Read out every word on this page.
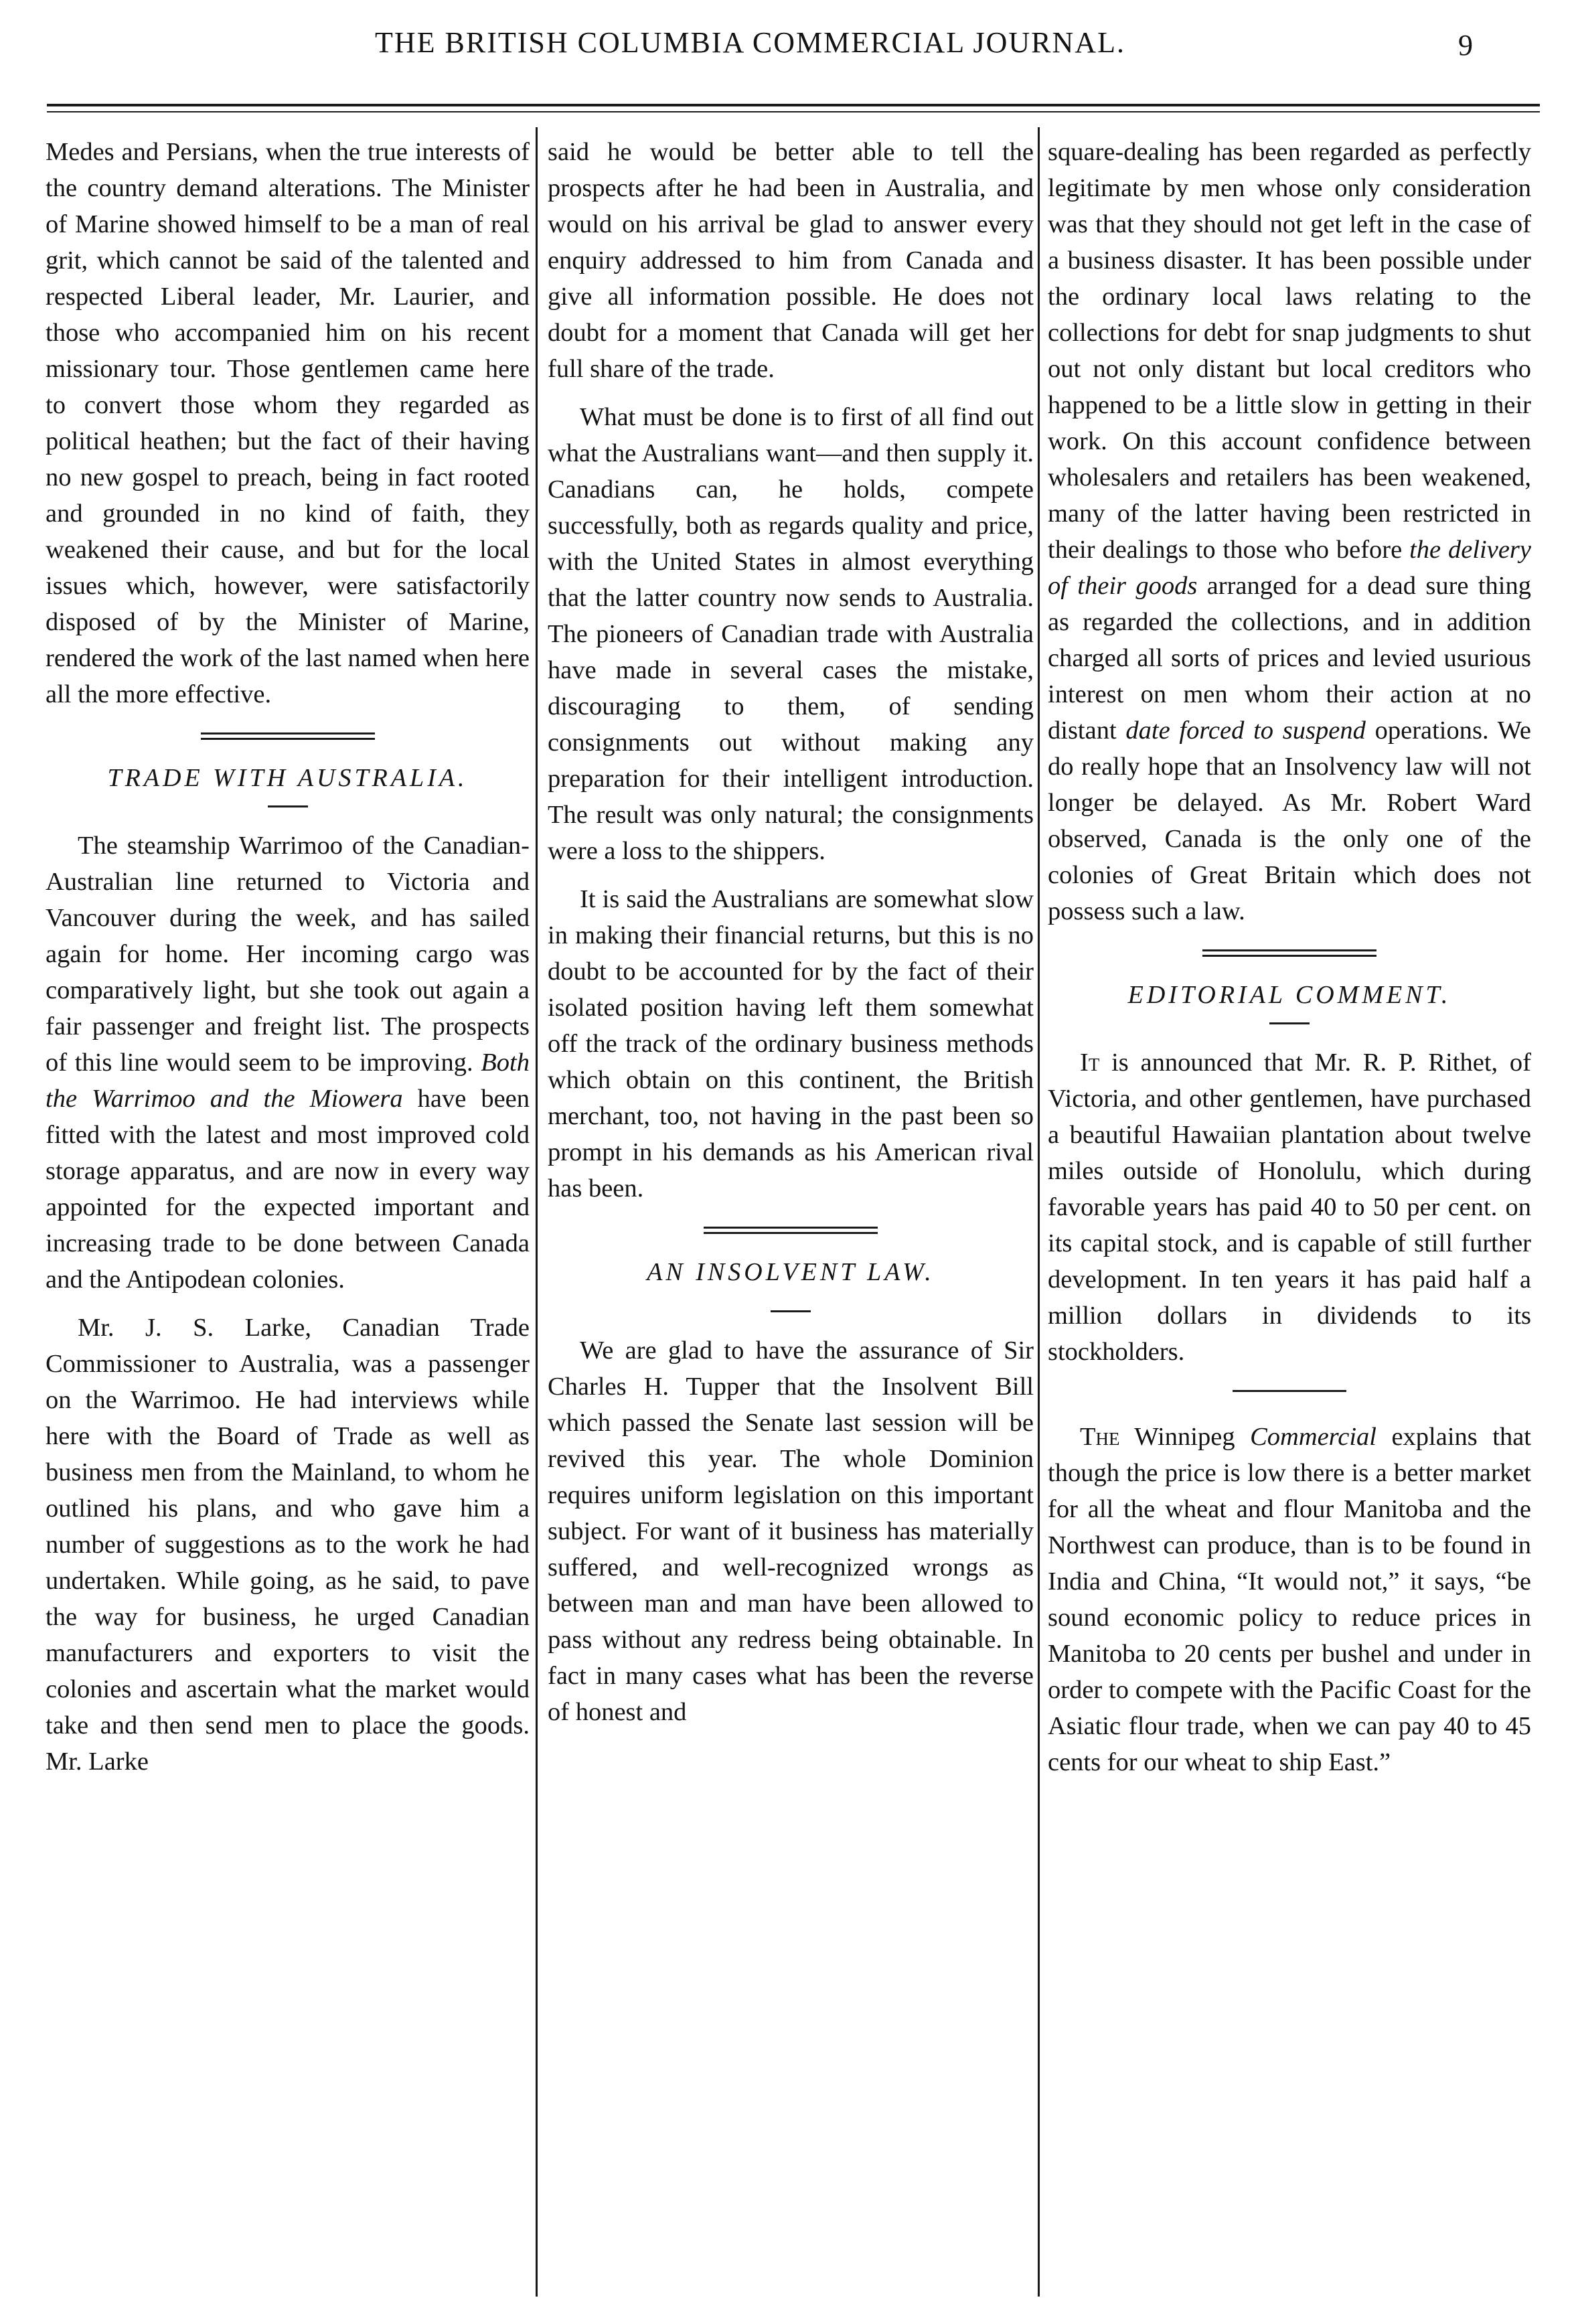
THE BRITISH COLUMBIA COMMERCIAL JOURNAL.	9

Medes and Persians, when the true interests of the country demand alterations. The Minister of Marine showed himself to be a man of real grit, which cannot be said of the talented and respected Liberal leader, Mr. Laurier, and those who accompanied him on his recent missionary tour. Those gentlemen came here to convert those whom they regarded as political heathen; but the fact of their having no new gospel to preach, being in fact rooted and grounded in no kind of faith, they weakened their cause, and but for the local issues which, however, were satisfactorily disposed of by the Minister of Marine, rendered the work of the last named when here all the more effective.

TRADE WITH AUSTRALIA.

The steamship Warrimoo of the Canadian-Australian line returned to Victoria and Vancouver during the week, and has sailed again for home. Her incoming cargo was comparatively light, but she took out again a fair passenger and freight list. The prospects of this line would seem to be improving. Both the Warrimoo and the Miowera have been fitted with the latest and most improved cold storage apparatus, and are now in every way appointed for the expected important and increasing trade to be done between Canada and the Antipodean colonies.

Mr. J. S. Larke, Canadian Trade Commissioner to Australia, was a passenger on the Warrimoo. He had interviews while here with the Board of Trade as well as business men from the Mainland, to whom he outlined his plans, and who gave him a number of suggestions as to the work he had undertaken. While going, as he said, to pave the way for business, he urged Canadian manufacturers and exporters to visit the colonies and ascertain what the market would take and then send men to place the goods. Mr. Larke

said he would be better able to tell the prospects after he had been in Australia, and would on his arrival be glad to answer every enquiry addressed to him from Canada and give all information possible. He does not doubt for a moment that Canada will get her full share of the trade.

What must be done is to first of all find out what the Australians want—and then supply it. Canadians can, he holds, compete successfully, both as regards quality and price, with the United States in almost everything that the latter country now sends to Australia. The pioneers of Canadian trade with Australia have made in several cases the mistake, discouraging to them, of sending consignments out without making any preparation for their intelligent introduction. The result was only natural; the consignments were a loss to the shippers.

It is said the Australians are somewhat slow in making their financial returns, but this is no doubt to be accounted for by the fact of their isolated position having left them somewhat off the track of the ordinary business methods which obtain on this continent, the British merchant, too, not having in the past been so prompt in his demands as his American rival has been.

AN INSOLVENT LAW.

We are glad to have the assurance of Sir Charles H. Tupper that the Insolvent Bill which passed the Senate last session will be revived this year. The whole Dominion requires uniform legislation on this important subject. For want of it business has materially suffered, and well-recognized wrongs as between man and man have been allowed to pass without any redress being obtainable. In fact in many cases what has been the reverse of honest and

square-dealing has been regarded as perfectly legitimate by men whose only consideration was that they should not get left in the case of a business disaster. It has been possible under the ordinary local laws relating to the collections for debt for snap judgments to shut out not only distant but local creditors who happened to be a little slow in getting in their work. On this account confidence between wholesalers and retailers has been weakened, many of the latter having been restricted in their dealings to those who before the delivery of their goods arranged for a dead sure thing as regarded the collections, and in addition charged all sorts of prices and levied usurious interest on men whom their action at no distant date forced to suspend operations. We do really hope that an Insolvency law will not longer be delayed. As Mr. Robert Ward observed, Canada is the only one of the colonies of Great Britain which does not possess such a law.

EDITORIAL COMMENT.

It is announced that Mr. R. P. Rithet, of Victoria, and other gentlemen, have purchased a beautiful Hawaiian plantation about twelve miles outside of Honolulu, which during favorable years has paid 40 to 50 per cent. on its capital stock, and is capable of still further development. In ten years it has paid half a million dollars in dividends to its stockholders.

The Winnipeg Commercial explains that though the price is low there is a better market for all the wheat and flour Manitoba and the Northwest can produce, than is to be found in India and China, “It would not,” it says, “be sound economic policy to reduce prices in Manitoba to 20 cents per bushel and under in order to compete with the Pacific Coast for the Asiatic flour trade, when we can pay 40 to 45 cents for our wheat to ship East.”
